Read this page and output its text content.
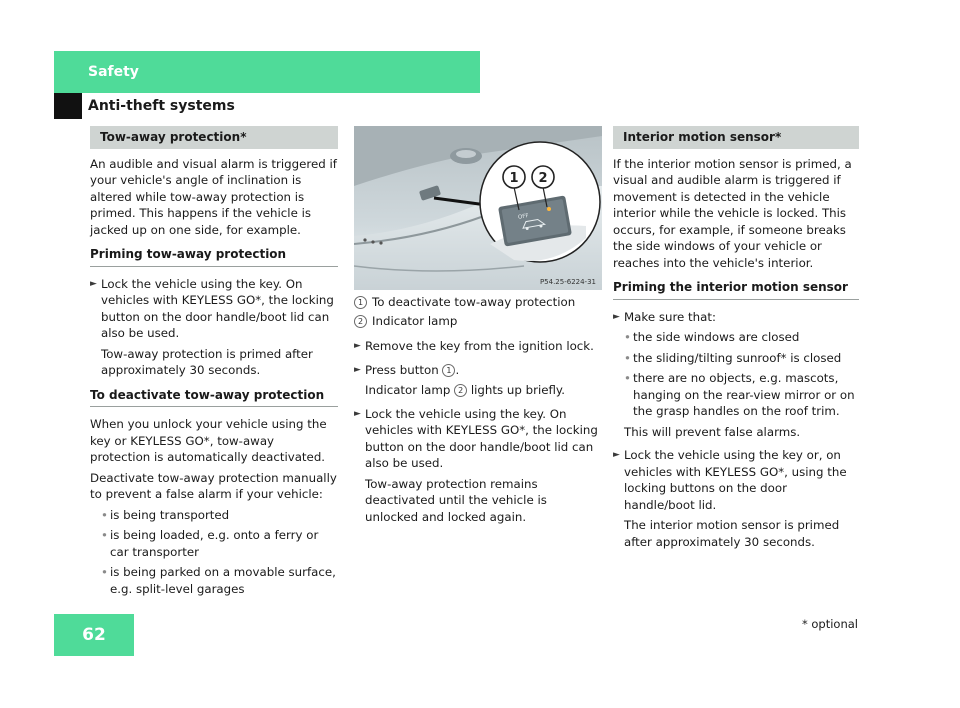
Safety
Anti-theft systems
Tow-away protection*

An audible and visual alarm is triggered if your vehicle's angle of inclination is altered while tow-away protection is primed. This happens if the vehicle is jacked up on one side, for example.

Priming tow-away protection
► Lock the vehicle using the key. On vehicles with KEYLESS GO*, the locking button on the door handle/boot lid can also be used.
Tow-away protection is primed after approximately 30 seconds.
To deactivate tow-away protection

When you unlock your vehicle using the key or KEYLESS GO*, tow-away protection is automatically deactivated.

Deactivate tow-away protection manually to prevent a false alarm if your vehicle:

• is being transported
• is being loaded, e.g. onto a ferry or car transporter
• is being parked on a movable surface, e.g. split-level garages
OFF
1 2
P54.25-6224-31
1 To deactivate tow-away protection
2 Indicator lamp
► Remove the key from the ignition lock.
► Press button 1 .
Indicator lamp 2 lights up briefly.
► Lock the vehicle using the key. On vehicles with KEYLESS GO*, the locking button on the door handle/boot lid can also be used.
Tow-away protection remains deactivated until the vehicle is unlocked and locked again.
Interior motion sensor*

If the interior motion sensor is primed, a visual and audible alarm is triggered if movement is detected in the vehicle interior while the vehicle is locked. This occurs, for example, if someone breaks the side windows of your vehicle or reaches into the vehicle's interior.

Priming the interior motion sensor
► Make sure that:
• the side windows are closed
• the sliding/tilting sunroof* is closed
• there are no objects, e.g. mascots, hanging on the rear-view mirror or on the grasp handles on the roof trim.
This will prevent false alarms.
► Lock the vehicle using the key or, on vehicles with KEYLESS GO*, using the locking buttons on the door handle/boot lid.
The interior motion sensor is primed after approximately 30 seconds.
62
* optional
